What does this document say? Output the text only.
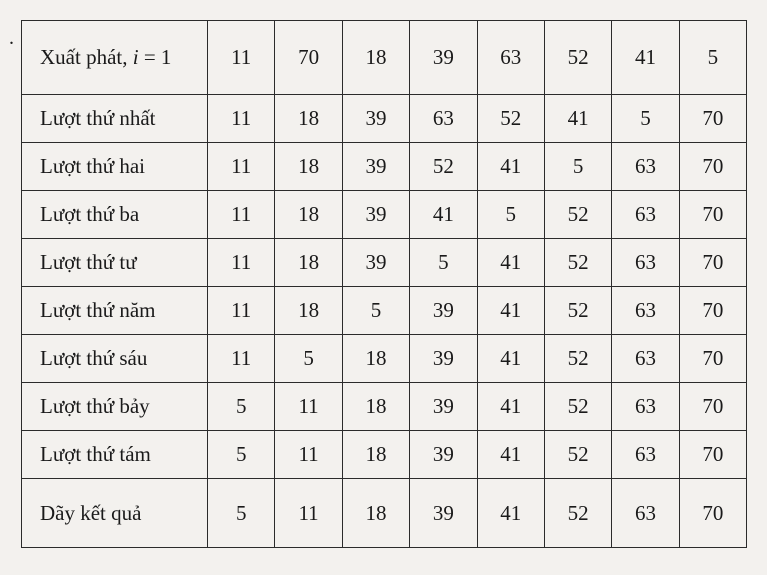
.
Xuất phát, i = 1	11	70	18	39	63	52	41	5
Lượt thứ nhất	11	18	39	63	52	41	5	70
Lượt thứ hai	11	18	39	52	41	5	63	70
Lượt thứ ba	11	18	39	41	5	52	63	70
Lượt thứ tư	11	18	39	5	41	52	63	70
Lượt thứ năm	11	18	5	39	41	52	63	70
Lượt thứ sáu	11	5	18	39	41	52	63	70
Lượt thứ bảy	5	11	18	39	41	52	63	70
Lượt thứ tám	5	11	18	39	41	52	63	70
Dãy kết quả	5	11	18	39	41	52	63	70
